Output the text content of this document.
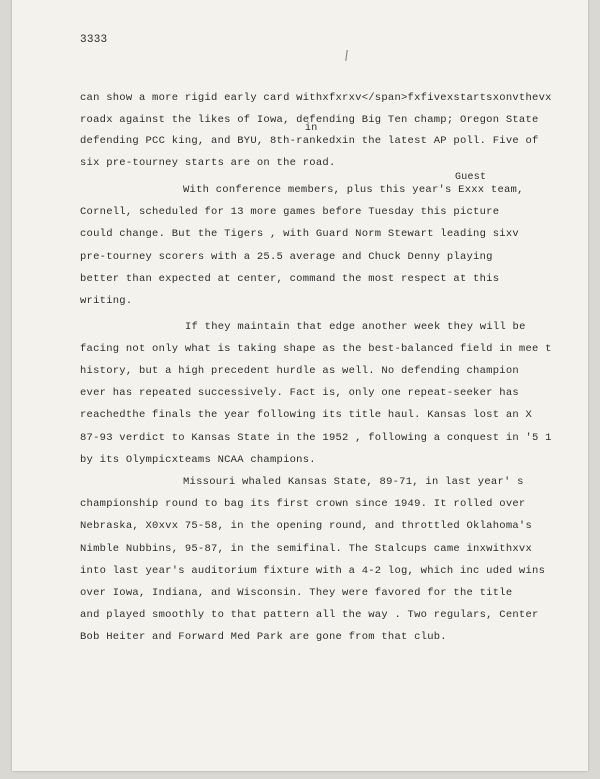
3333
can show a more rigid early card withxfxrxv</span>fxfivexstartsxonvthevx
roadx against the likes of Iowa, defending Big Ten champ; Oregon State
in
defending PCC king, and BYU, 8th-rankedxin the latest AP poll. Five of
six pre-tourney starts are on the road.
Guest
With conference members, plus this year's Exxx team,
Cornell, scheduled for 13 more games before Tuesday this picture
could change. But the Tigers , with Guard Norm Stewart leading sixv
pre-tourney scorers with a 25.5 average and Chuck Denny playing
better than expected at center, command the most respect at this
writing.
If they maintain that edge another week they will be
facing not only what is taking shape as the best-balanced field in mee t
history, but a high precedent hurdle as well. No defending champion
ever has repeated successively. Fact is, only one repeat-seeker has
reachedthe finals the year following its title haul. Kansas lost an X
87-93 verdict to Kansas State in the 1952 , following a conquest in '5 1
by its Olympicxteams NCAA champions.
Missouri whaled Kansas State, 89-71, in last year' s
championship round to bag its first crown since 1949. It rolled over
Nebraska, X0xvx 75-58, in the opening round, and throttled Oklahoma's
Nimble Nubbins, 95-87, in the semifinal. The Stalcups came inxwithxvx
into last year's auditorium fixture with a 4-2 log, which inc uded wins
over Iowa, Indiana, and Wisconsin. They were favored for the title
and played smoothly to that pattern all the way . Two regulars, Center
Bob Heiter and Forward Med Park are gone from that club.
